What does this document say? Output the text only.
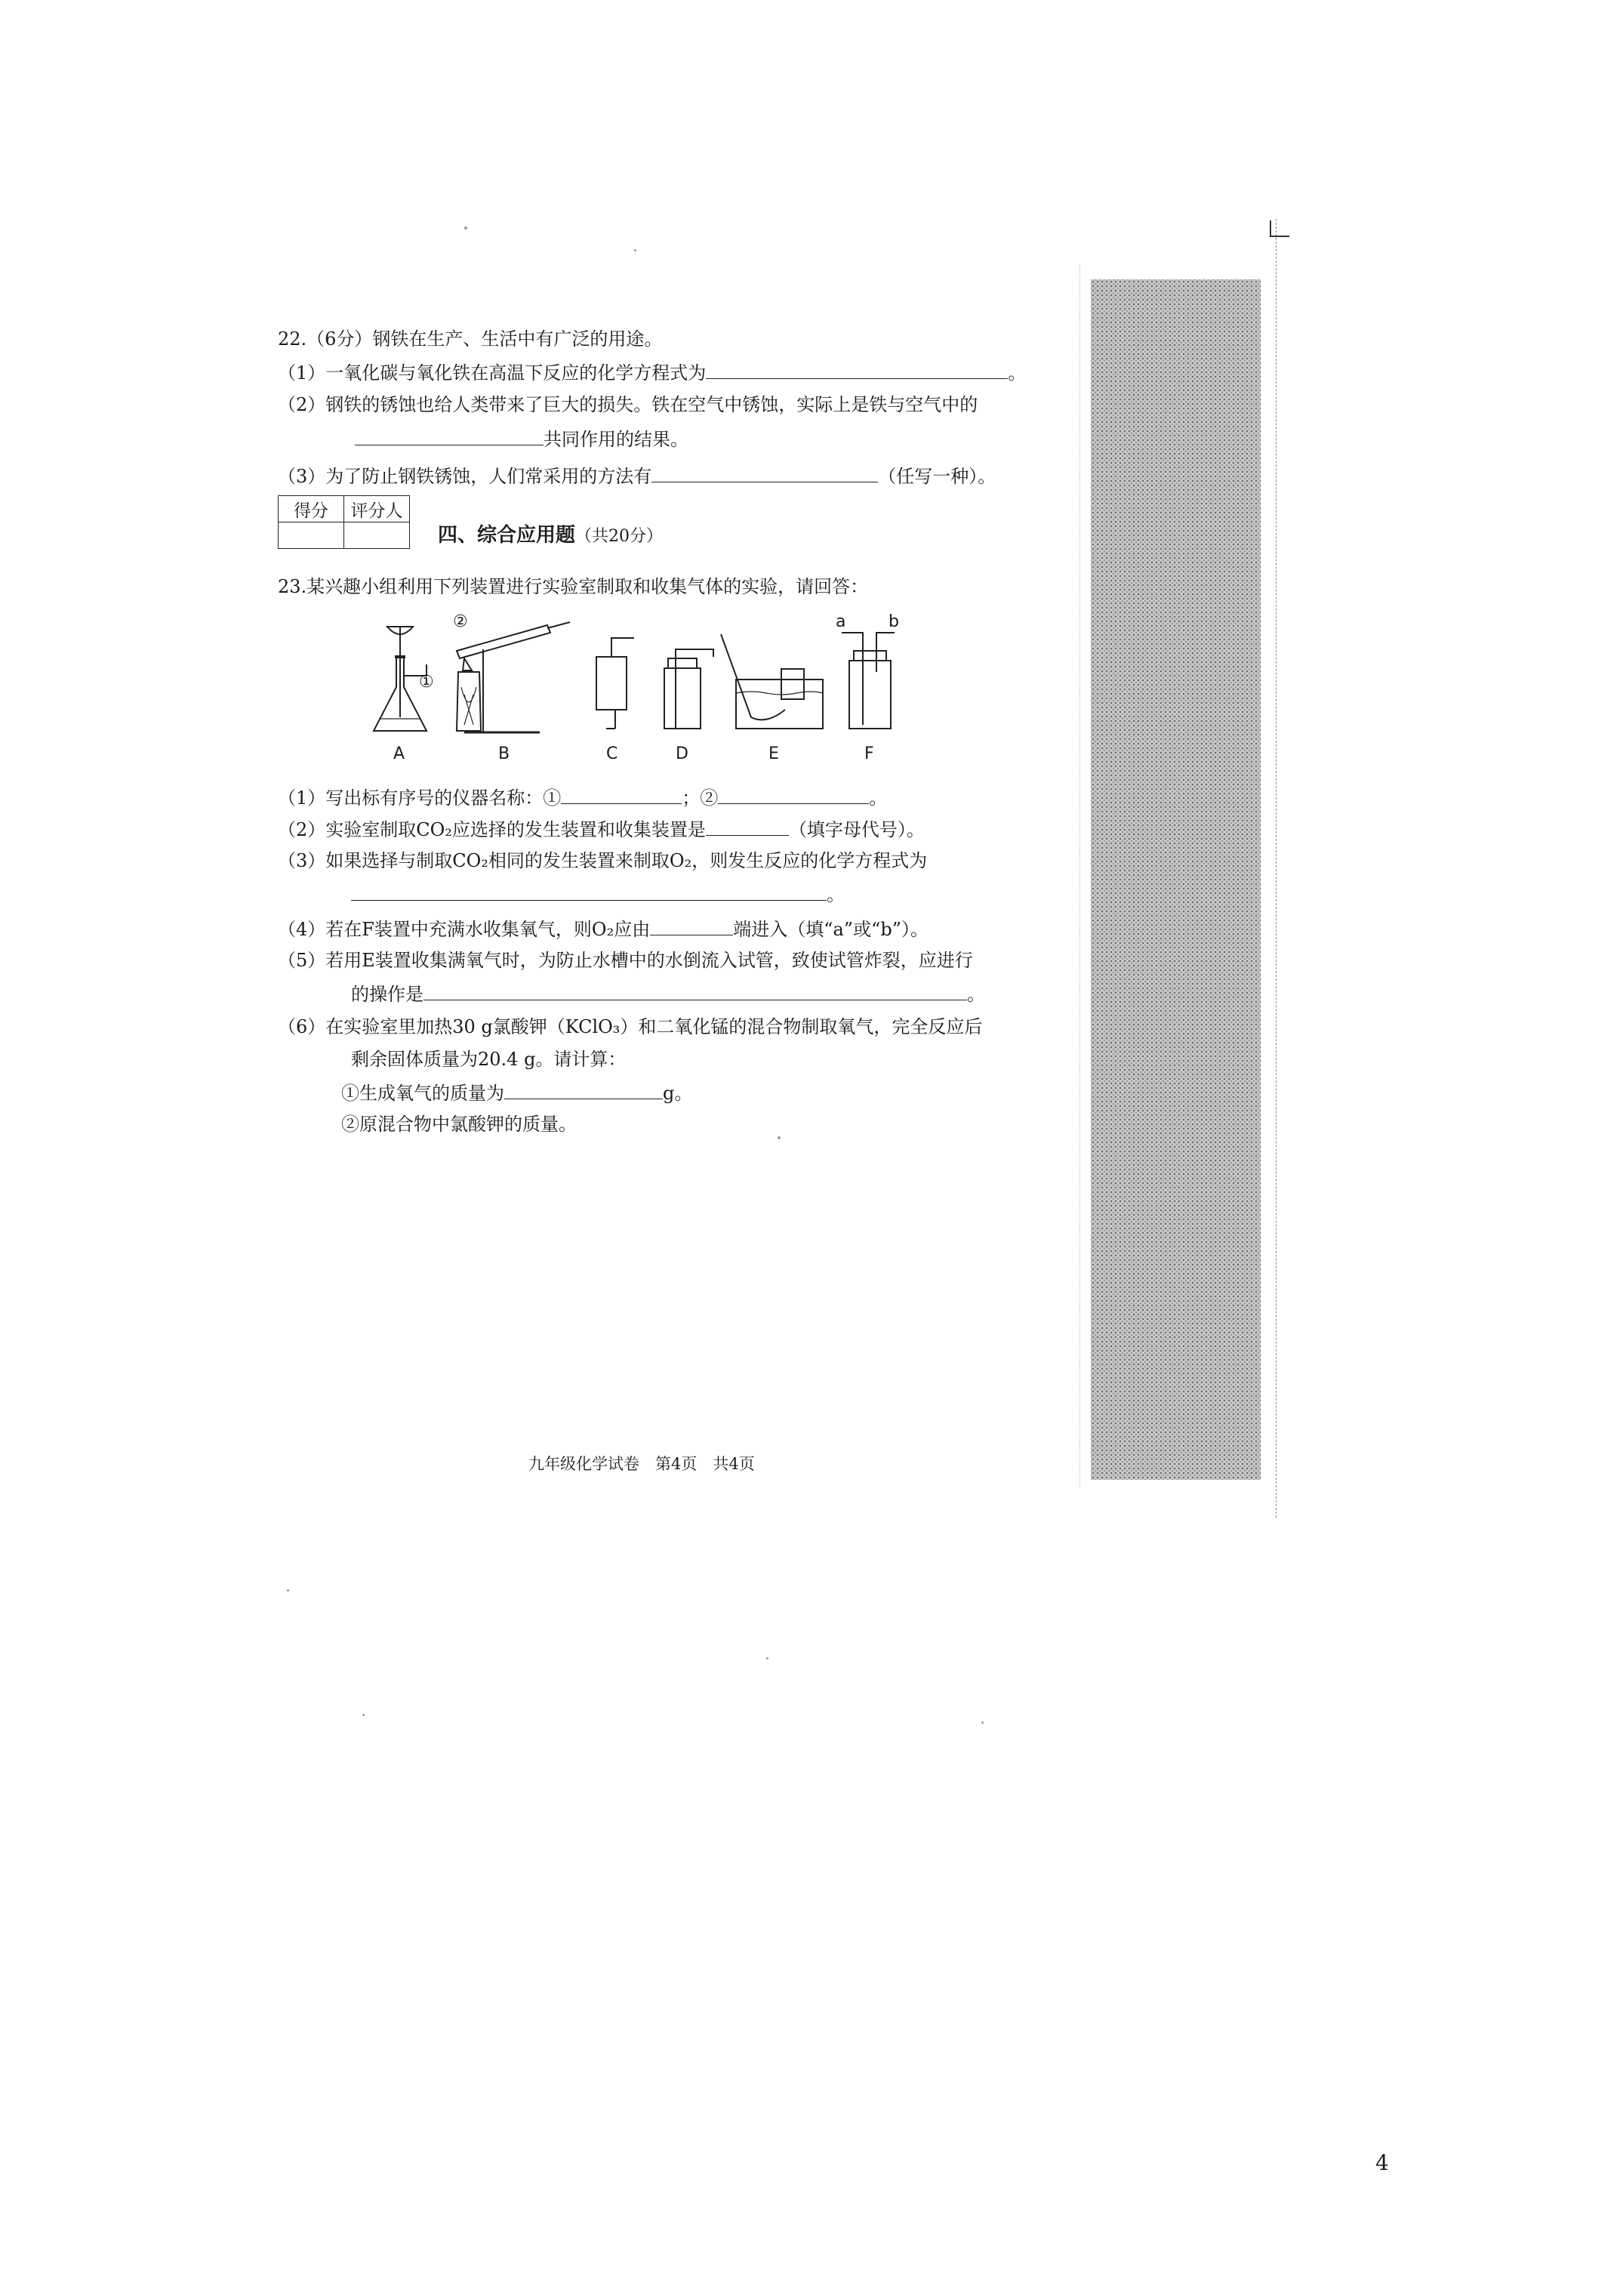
22.（6分）钢铁在生产、生活中有广泛的用途。
（1）一氧化碳与氧化铁在高温下反应的化学方程式为	。
（2）钢铁的锈蚀也给人类带来了巨大的损失。铁在空气中锈蚀，实际上是铁与空气中的
共同作用的结果。
（3）为了防止钢铁锈蚀，人们常采用的方法有	（任写一种）。
得分	评分人

四、综合应用题（共20分）
23.某兴趣小组利用下列装置进行实验室制取和收集气体的实验，请回答：
②
①
a	b
A	B	C	D	E	F
（1）写出标有序号的仪器名称：①	；②	。
（2）实验室制取CO₂应选择的发生装置和收集装置是	（填字母代号）。
（3）如果选择与制取CO₂相同的发生装置来制取O₂，则发生反应的化学方程式为
。
（4）若在F装置中充满水收集氧气，则O₂应由	端进入（填“a”或“b”）。
（5）若用E装置收集满氧气时，为防止水槽中的水倒流入试管，致使试管炸裂，应进行
的操作是	。
（6）在实验室里加热30 g氯酸钾（KClO₃）和二氧化锰的混合物制取氧气，完全反应后
剩余固体质量为20.4 g。请计算：
①生成氧气的质量为	g。
②原混合物中氯酸钾的质量。
九年级化学试卷　第4页　共4页
4
